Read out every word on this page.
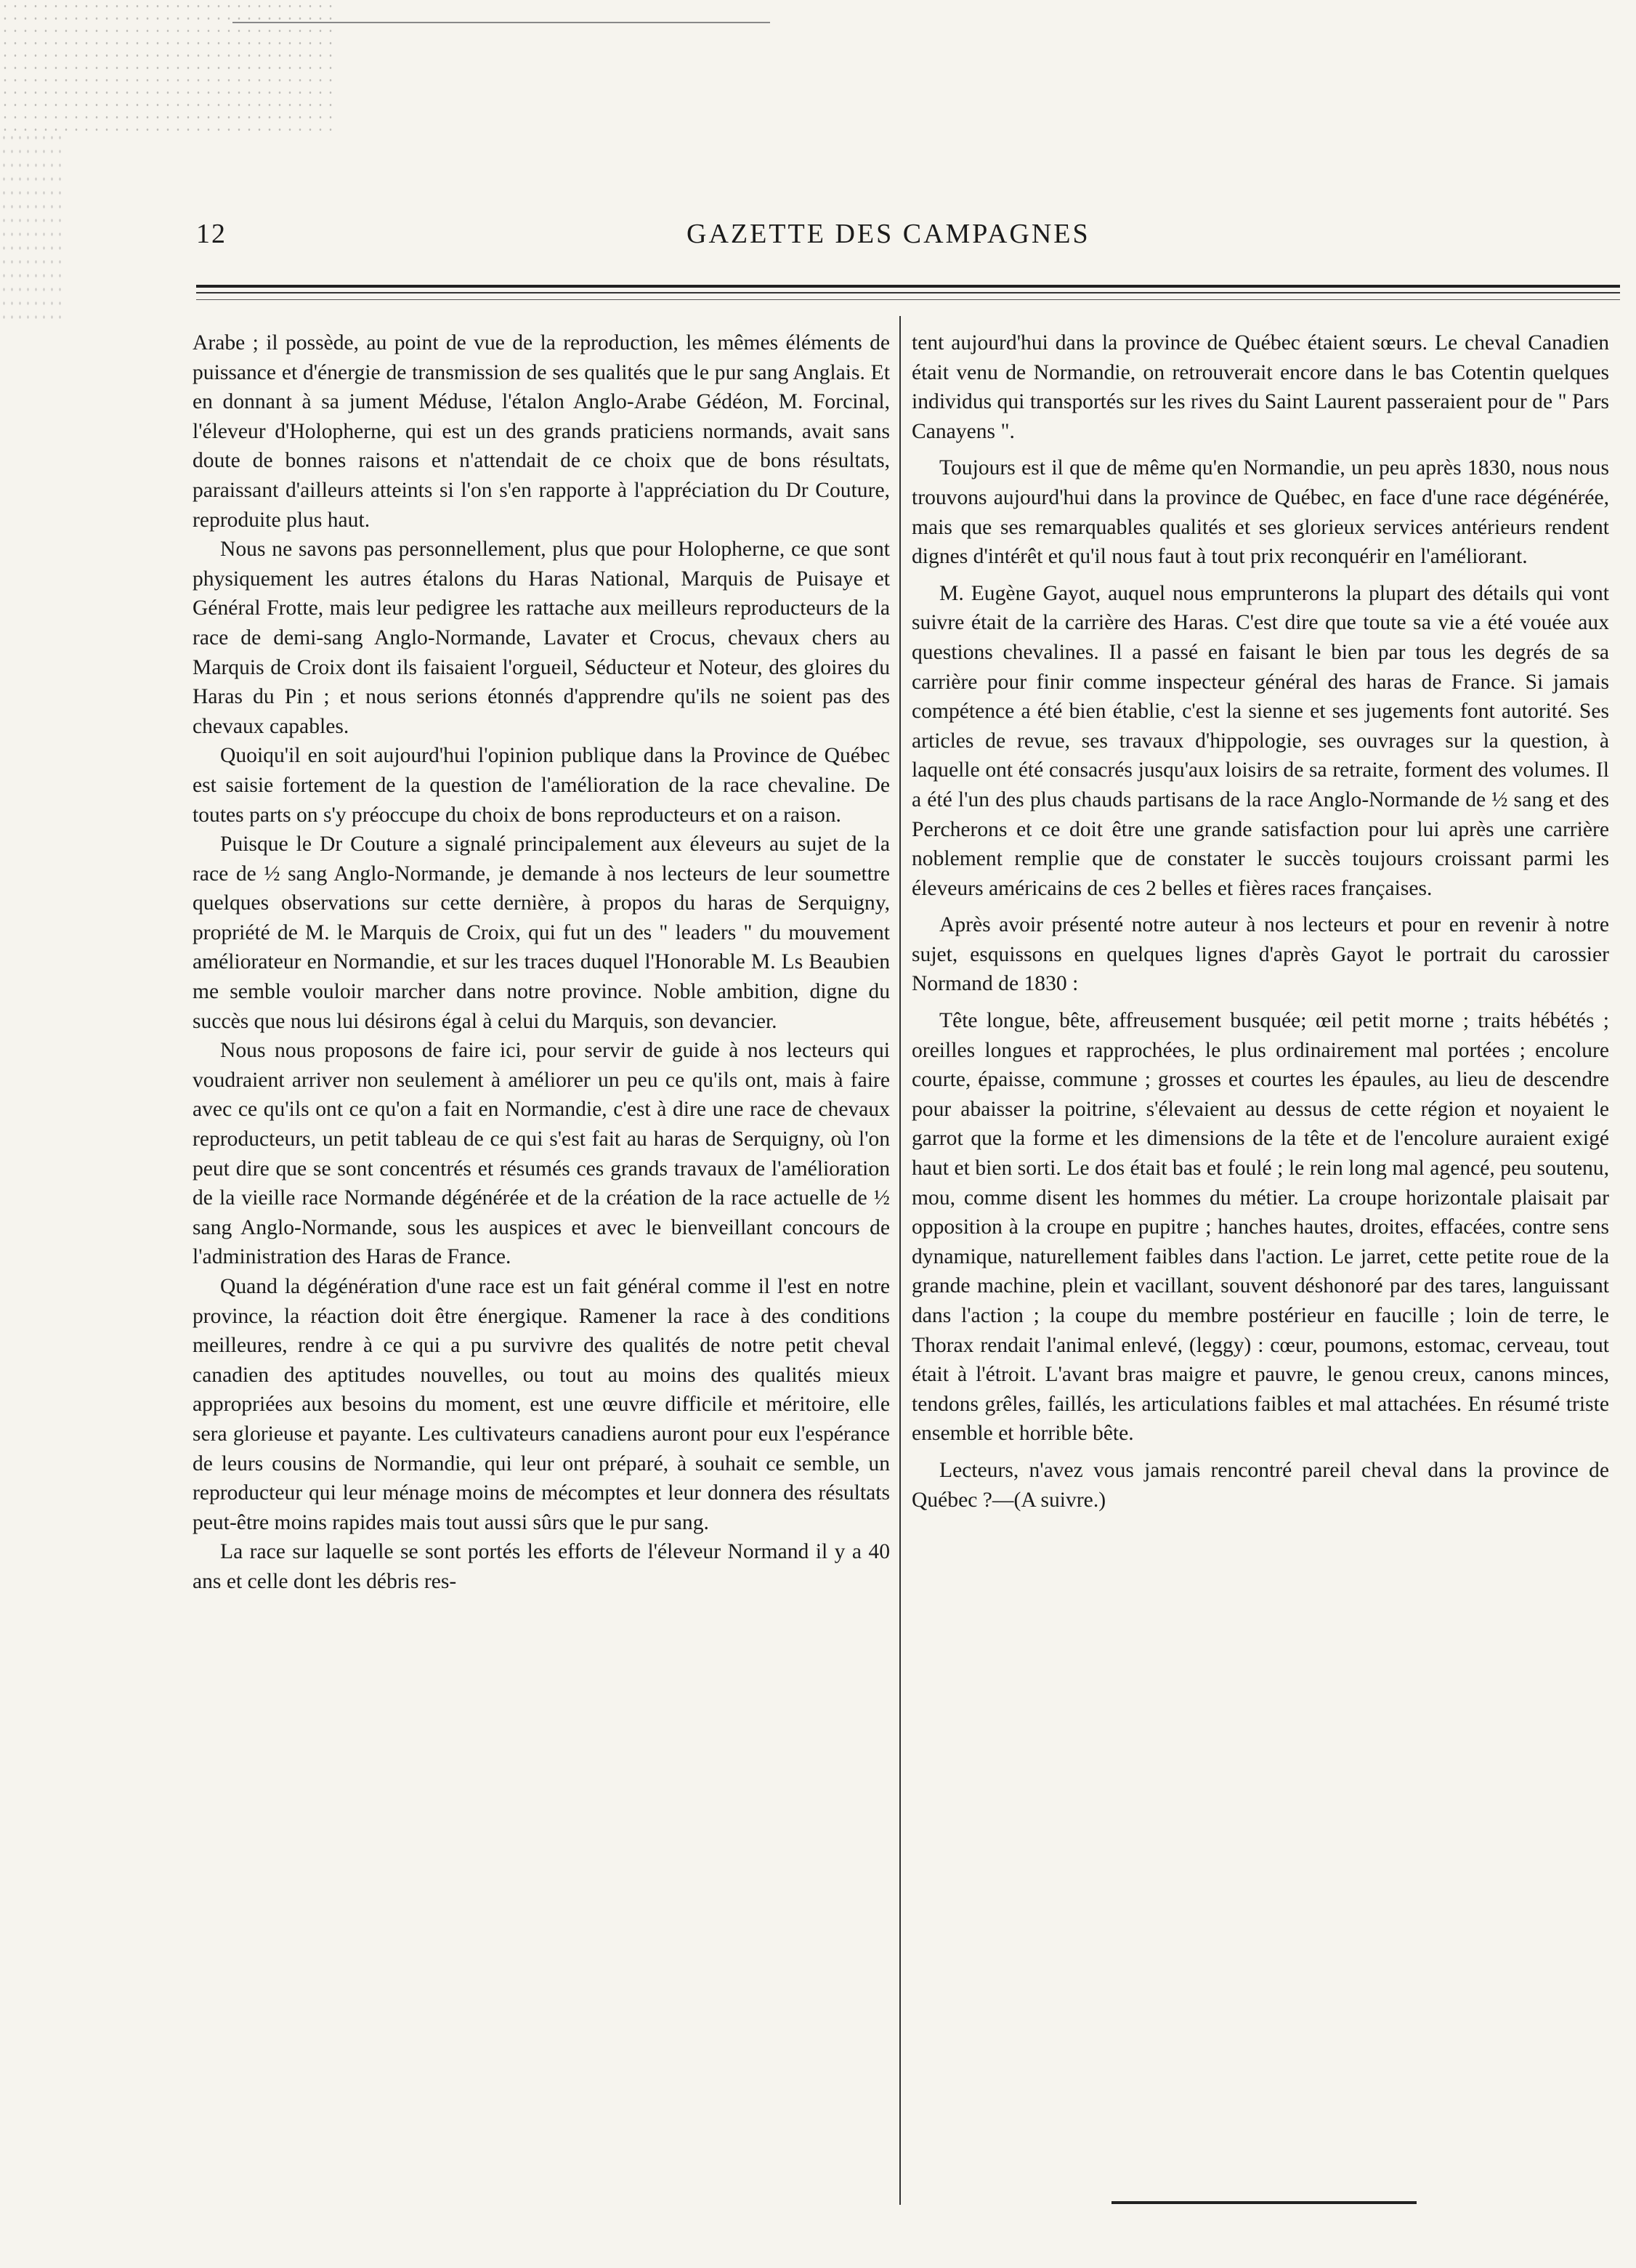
12	GAZETTE DES CAMPAGNES

Arabe ; il possède, au point de vue de la reproduction, les mêmes éléments de puissance et d'énergie de transmission de ses qualités que le pur sang Anglais. Et en donnant à sa jument Méduse, l'étalon Anglo-Arabe Gédéon, M. Forcinal, l'éleveur d'Holopherne, qui est un des grands praticiens normands, avait sans doute de bonnes raisons et n'attendait de ce choix que de bons résultats, paraissant d'ailleurs atteints si l'on s'en rapporte à l'appréciation du Dr Couture, reproduite plus haut.

Nous ne savons pas personnellement, plus que pour Holopherne, ce que sont physiquement les autres étalons du Haras National, Marquis de Puisaye et Général Frotte, mais leur pedigree les rattache aux meilleurs reproducteurs de la race de demi-sang Anglo-Normande, Lavater et Crocus, chevaux chers au Marquis de Croix dont ils faisaient l'orgueil, Séducteur et Noteur, des gloires du Haras du Pin ; et nous serions étonnés d'apprendre qu'ils ne soient pas des chevaux capables.

Quoiqu'il en soit aujourd'hui l'opinion publique dans la Province de Québec est saisie fortement de la question de l'amélioration de la race chevaline. De toutes parts on s'y préoccupe du choix de bons reproducteurs et on a raison.

Puisque le Dr Couture a signalé principalement aux éleveurs au sujet de la race de ½ sang Anglo-Normande, je demande à nos lecteurs de leur soumettre quelques observations sur cette dernière, à propos du haras de Serquigny, propriété de M. le Marquis de Croix, qui fut un des " leaders " du mouvement améliorateur en Normandie, et sur les traces duquel l'Honorable M. Ls Beaubien me semble vouloir marcher dans notre province. Noble ambition, digne du succès que nous lui désirons égal à celui du Marquis, son devancier.

Nous nous proposons de faire ici, pour servir de guide à nos lecteurs qui voudraient arriver non seulement à améliorer un peu ce qu'ils ont, mais à faire avec ce qu'ils ont ce qu'on a fait en Normandie, c'est à dire une race de chevaux reproducteurs, un petit tableau de ce qui s'est fait au haras de Serquigny, où l'on peut dire que se sont concentrés et résumés ces grands travaux de l'amélioration de la vieille race Normande dégénérée et de la création de la race actuelle de ½ sang Anglo-Normande, sous les auspices et avec le bienveillant concours de l'administration des Haras de France.

Quand la dégénération d'une race est un fait général comme il l'est en notre province, la réaction doit être énergique. Ramener la race à des conditions meilleures, rendre à ce qui a pu survivre des qualités de notre petit cheval canadien des aptitudes nouvelles, ou tout au moins des qualités mieux appropriées aux besoins du moment, est une œuvre difficile et méritoire, elle sera glorieuse et payante. Les cultivateurs canadiens auront pour eux l'espérance de leurs cousins de Normandie, qui leur ont préparé, à souhait ce semble, un reproducteur qui leur ménage moins de mécomptes et leur donnera des résultats peut-être moins rapides mais tout aussi sûrs que le pur sang.

La race sur laquelle se sont portés les efforts de l'éleveur Normand il y a 40 ans et celle dont les débris res-

tent aujourd'hui dans la province de Québec étaient sœurs. Le cheval Canadien était venu de Normandie, on retrouverait encore dans le bas Cotentin quelques individus qui transportés sur les rives du Saint Laurent passeraient pour de " Pars Canayens ".

Toujours est il que de même qu'en Normandie, un peu après 1830, nous nous trouvons aujourd'hui dans la province de Québec, en face d'une race dégénérée, mais que ses remarquables qualités et ses glorieux services antérieurs rendent dignes d'intérêt et qu'il nous faut à tout prix reconquérir en l'améliorant.

M. Eugène Gayot, auquel nous emprunterons la plupart des détails qui vont suivre était de la carrière des Haras. C'est dire que toute sa vie a été vouée aux questions chevalines. Il a passé en faisant le bien par tous les degrés de sa carrière pour finir comme inspecteur général des haras de France. Si jamais compétence a été bien établie, c'est la sienne et ses jugements font autorité. Ses articles de revue, ses travaux d'hippologie, ses ouvrages sur la question, à laquelle ont été consacrés jusqu'aux loisirs de sa retraite, forment des volumes. Il a été l'un des plus chauds partisans de la race Anglo-Normande de ½ sang et des Percherons et ce doit être une grande satisfaction pour lui après une carrière noblement remplie que de constater le succès toujours croissant parmi les éleveurs américains de ces 2 belles et fières races françaises.

Après avoir présenté notre auteur à nos lecteurs et pour en revenir à notre sujet, esquissons en quelques lignes d'après Gayot le portrait du carossier Normand de 1830 :

Tête longue, bête, affreusement busquée; œil petit morne ; traits hébétés ; oreilles longues et rapprochées, le plus ordinairement mal portées ; encolure courte, épaisse, commune ; grosses et courtes les épaules, au lieu de descendre pour abaisser la poitrine, s'élevaient au dessus de cette région et noyaient le garrot que la forme et les dimensions de la tête et de l'encolure auraient exigé haut et bien sorti. Le dos était bas et foulé ; le rein long mal agencé, peu soutenu, mou, comme disent les hommes du métier. La croupe horizontale plaisait par opposition à la croupe en pupitre ; hanches hautes, droites, effacées, contre sens dynamique, naturellement faibles dans l'action. Le jarret, cette petite roue de la grande machine, plein et vacillant, souvent déshonoré par des tares, languissant dans l'action ; la coupe du membre postérieur en faucille ; loin de terre, le Thorax rendait l'animal enlevé, (leggy) : cœur, poumons, estomac, cerveau, tout était à l'étroit. L'avant bras maigre et pauvre, le genou creux, canons minces, tendons grêles, faillés, les articulations faibles et mal attachées. En résumé triste ensemble et horrible bête.

Lecteurs, n'avez vous jamais rencontré pareil cheval dans la province de Québec ?—(A suivre.)
